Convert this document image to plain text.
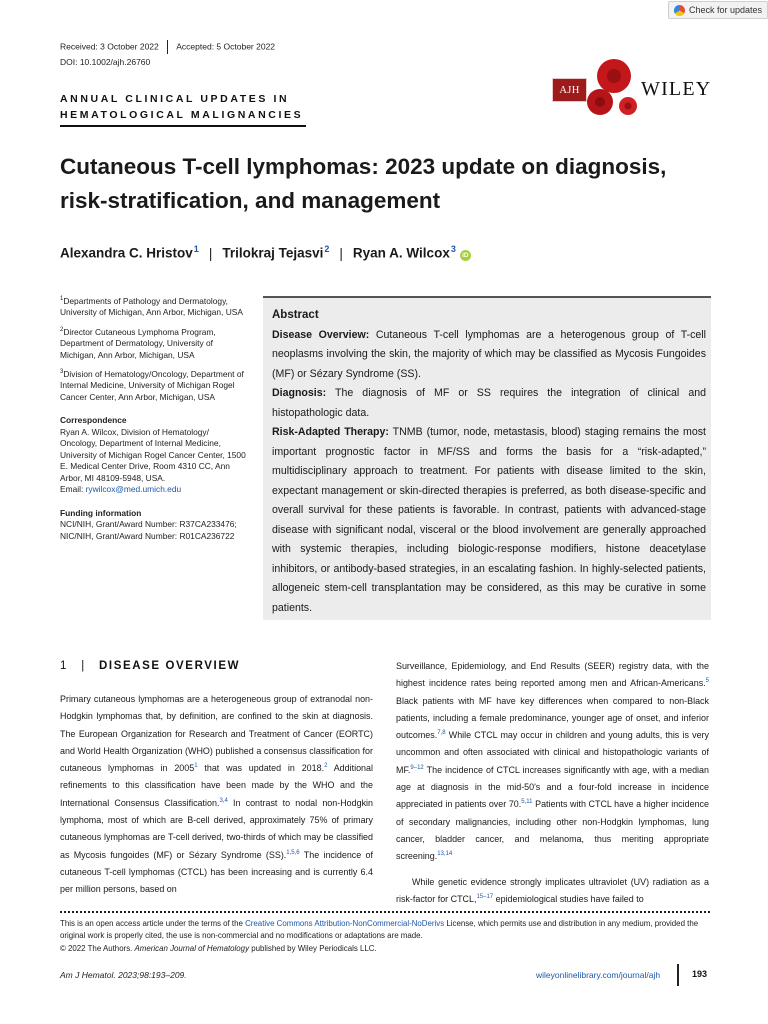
Check for updates
Received: 3 October 2022 Accepted: 5 October 2022
DOI: 10.1002/ajh.26760
ANNUAL CLINICAL UPDATES IN
HEMATOLOGICAL MALIGNANCIES
AJH	WILEY
Cutaneous T-cell lymphomas: 2023 update on diagnosis, risk-stratification, and management
Alexandra C. Hristov$^1$ | Trilokraj Tejasvi$^2$ | Ryan A. Wilcox$^3$iD

$^1$Departments of Pathology and Dermatology, University of Michigan, Ann Arbor, Michigan, USA

$^2$Director Cutaneous Lymphoma Program, Department of Dermatology, University of Michigan, Ann Arbor, Michigan, USA

$^3$Division of Hematology/Oncology, Department of Internal Medicine, University of Michigan Rogel Cancer Center, Ann Arbor, Michigan, USA

Correspondence

Ryan A. Wilcox, Division of Hematology/ Oncology, Department of Internal Medicine, University of Michigan Rogel Cancer Center, 1500 E. Medical Center Drive, Room 4310 CC, Ann Arbor, MI 48109-5948, USA.

Email: rywilcox@med.umich.edu

Funding information

NCI/NIH, Grant/Award Number: R37CA233476; NIC/NIH, Grant/Award Number: R01CA236722

Abstract

Disease Overview: Cutaneous T-cell lymphomas are a heterogenous group of T-cell neoplasms involving the skin, the majority of which may be classified as Mycosis Fungoides (MF) or Sézary Syndrome (SS).

Diagnosis: The diagnosis of MF or SS requires the integration of clinical and histopathologic data.

Risk-Adapted Therapy: TNMB (tumor, node, metastasis, blood) staging remains the most important prognostic factor in MF/SS and forms the basis for a “risk-adapted,” multidisciplinary approach to treatment. For patients with disease limited to the skin, expectant management or skin-directed therapies is preferred, as both disease-specific and overall survival for these patients is favorable. In contrast, patients with advanced-stage disease with significant nodal, visceral or the blood involvement are generally approached with systemic therapies, including biologic-response modifiers, histone deacetylase inhibitors, or antibody-based strategies, in an escalating fashion. In highly-selected patients, allogeneic stem-cell transplantation may be considered, as this may be curative in some patients.

1 | DISEASE OVERVIEW

Primary cutaneous lymphomas are a heterogeneous group of extranodal non-Hodgkin lymphomas that, by definition, are confined to the skin at diagnosis. The European Organization for Research and Treatment of Cancer (EORTC) and World Health Organization (WHO) published a consensus classification for cutaneous lymphomas in 2005$^1$ that was updated in 2018.$^2$ Additional refinements to this classification have been made by the WHO and the International Consensus Classification.$^{3,4}$ In contrast to nodal non-Hodgkin lymphoma, most of which are B-cell derived, approximately 75% of primary cutaneous lymphomas are T-cell derived, two-thirds of which may be classified as Mycosis fungoides (MF) or Sézary Syndrome (SS).$^{1,5,6}$ The incidence of cutaneous T-cell lymphomas (CTCL) has been increasing and is currently 6.4 per million persons, based on

Surveillance, Epidemiology, and End Results (SEER) registry data, with the highest incidence rates being reported among men and African-Americans.$^5$ Black patients with MF have key differences when compared to non-Black patients, including a female predominance, younger age of onset, and inferior outcomes.$^{7,8}$ While CTCL may occur in children and young adults, this is very uncommon and often associated with clinical and histopathologic variants of MF.$^{9-12}$ The incidence of CTCL increases significantly with age, with a median age at diagnosis in the mid-50's and a four-fold increase in incidence appreciated in patients over 70.$^{5,11}$ Patients with CTCL have a higher incidence of secondary malignancies, including other non-Hodgkin lymphomas, lung cancer, bladder cancer, and melanoma, thus meriting appropriate screening.$^{13,14}$

While genetic evidence strongly implicates ultraviolet (UV) radiation as a risk-factor for CTCL,$^{15-17}$ epidemiological studies have failed to

This is an open access article under the terms of the Creative Commons Attribution-NonCommercial-NoDerivs License, which permits use and distribution in any medium, provided the original work is properly cited, the use is non-commercial and no modifications or adaptations are made.

© 2022 The Authors. American Journal of Hematology published by Wiley Periodicals LLC.

Am J Hematol. 2023;98:193–209.	wileyonlinelibrary.com/journal/ajh	193
